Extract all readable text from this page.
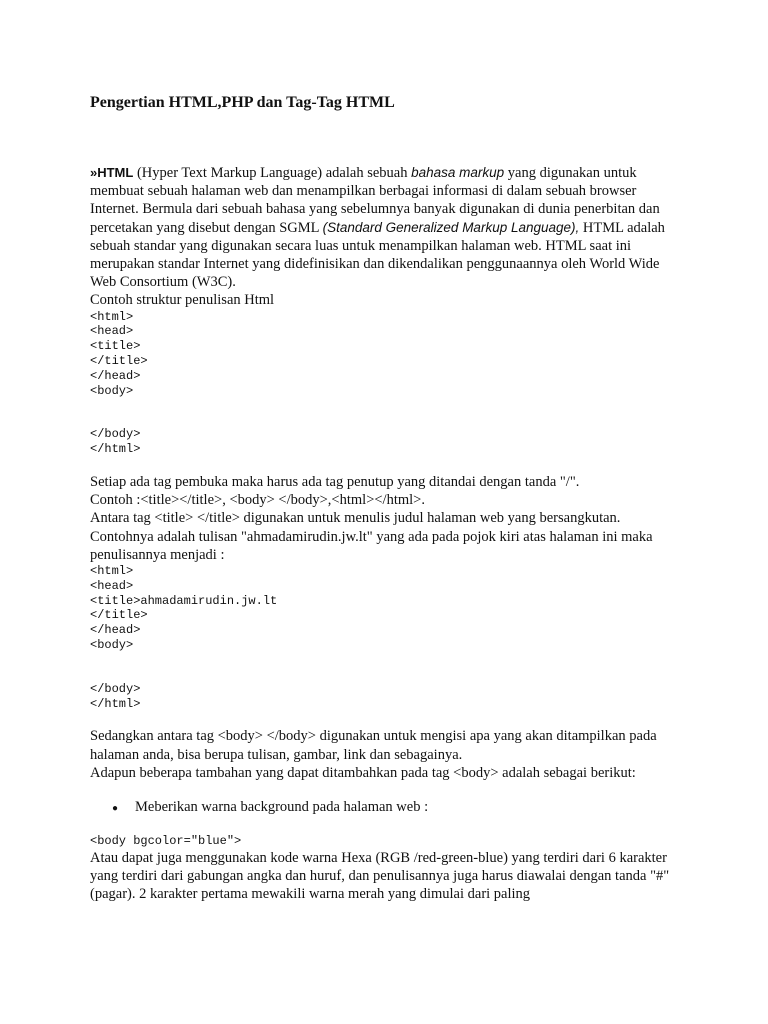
Pengertian HTML,PHP dan Tag-Tag HTML

»HTML (Hyper Text Markup Language) adalah sebuah bahasa markup yang digunakan untuk membuat sebuah halaman web dan menampilkan berbagai informasi di dalam sebuah browser Internet. Bermula dari sebuah bahasa yang sebelumnya banyak digunakan di dunia penerbitan dan percetakan yang disebut dengan SGML (Standard Generalized Markup Language), HTML adalah sebuah standar yang digunakan secara luas untuk menampilkan halaman web. HTML saat ini merupakan standar Internet yang didefinisikan dan dikendalikan penggunaannya oleh World Wide Web Consortium (W3C).

Contoh struktur penulisan Html

<html>

<head>

<title>

</title>

</head>

<body>

</body>

</html>

Setiap ada tag pembuka maka harus ada tag penutup yang ditandai dengan tanda "/".

Contoh :<title></title>, <body> </body>,<html></html>.

Antara tag <title> </title> digunakan untuk menulis judul halaman web yang bersangkutan. Contohnya adalah tulisan "ahmadamirudin.jw.lt" yang ada pada pojok kiri atas halaman ini maka penulisannya menjadi :

<html>

<head>

<title>ahmadamirudin.jw.lt

</title>

</head>

<body>

</body>

</html>

Sedangkan antara tag <body> </body> digunakan untuk mengisi apa yang akan ditampilkan pada halaman anda, bisa berupa tulisan, gambar, link dan sebagainya.

Adapun beberapa tambahan yang dapat ditambahkan pada tag <body> adalah sebagai berikut:

●	Meberikan warna background pada halaman web :

<body bgcolor="blue">

Atau dapat juga menggunakan kode warna Hexa (RGB /red-green-blue) yang terdiri dari 6 karakter yang terdiri dari gabungan angka dan huruf, dan penulisannya juga harus diawalai dengan tanda "#"(pagar). 2 karakter pertama mewakili warna merah yang dimulai dari paling
